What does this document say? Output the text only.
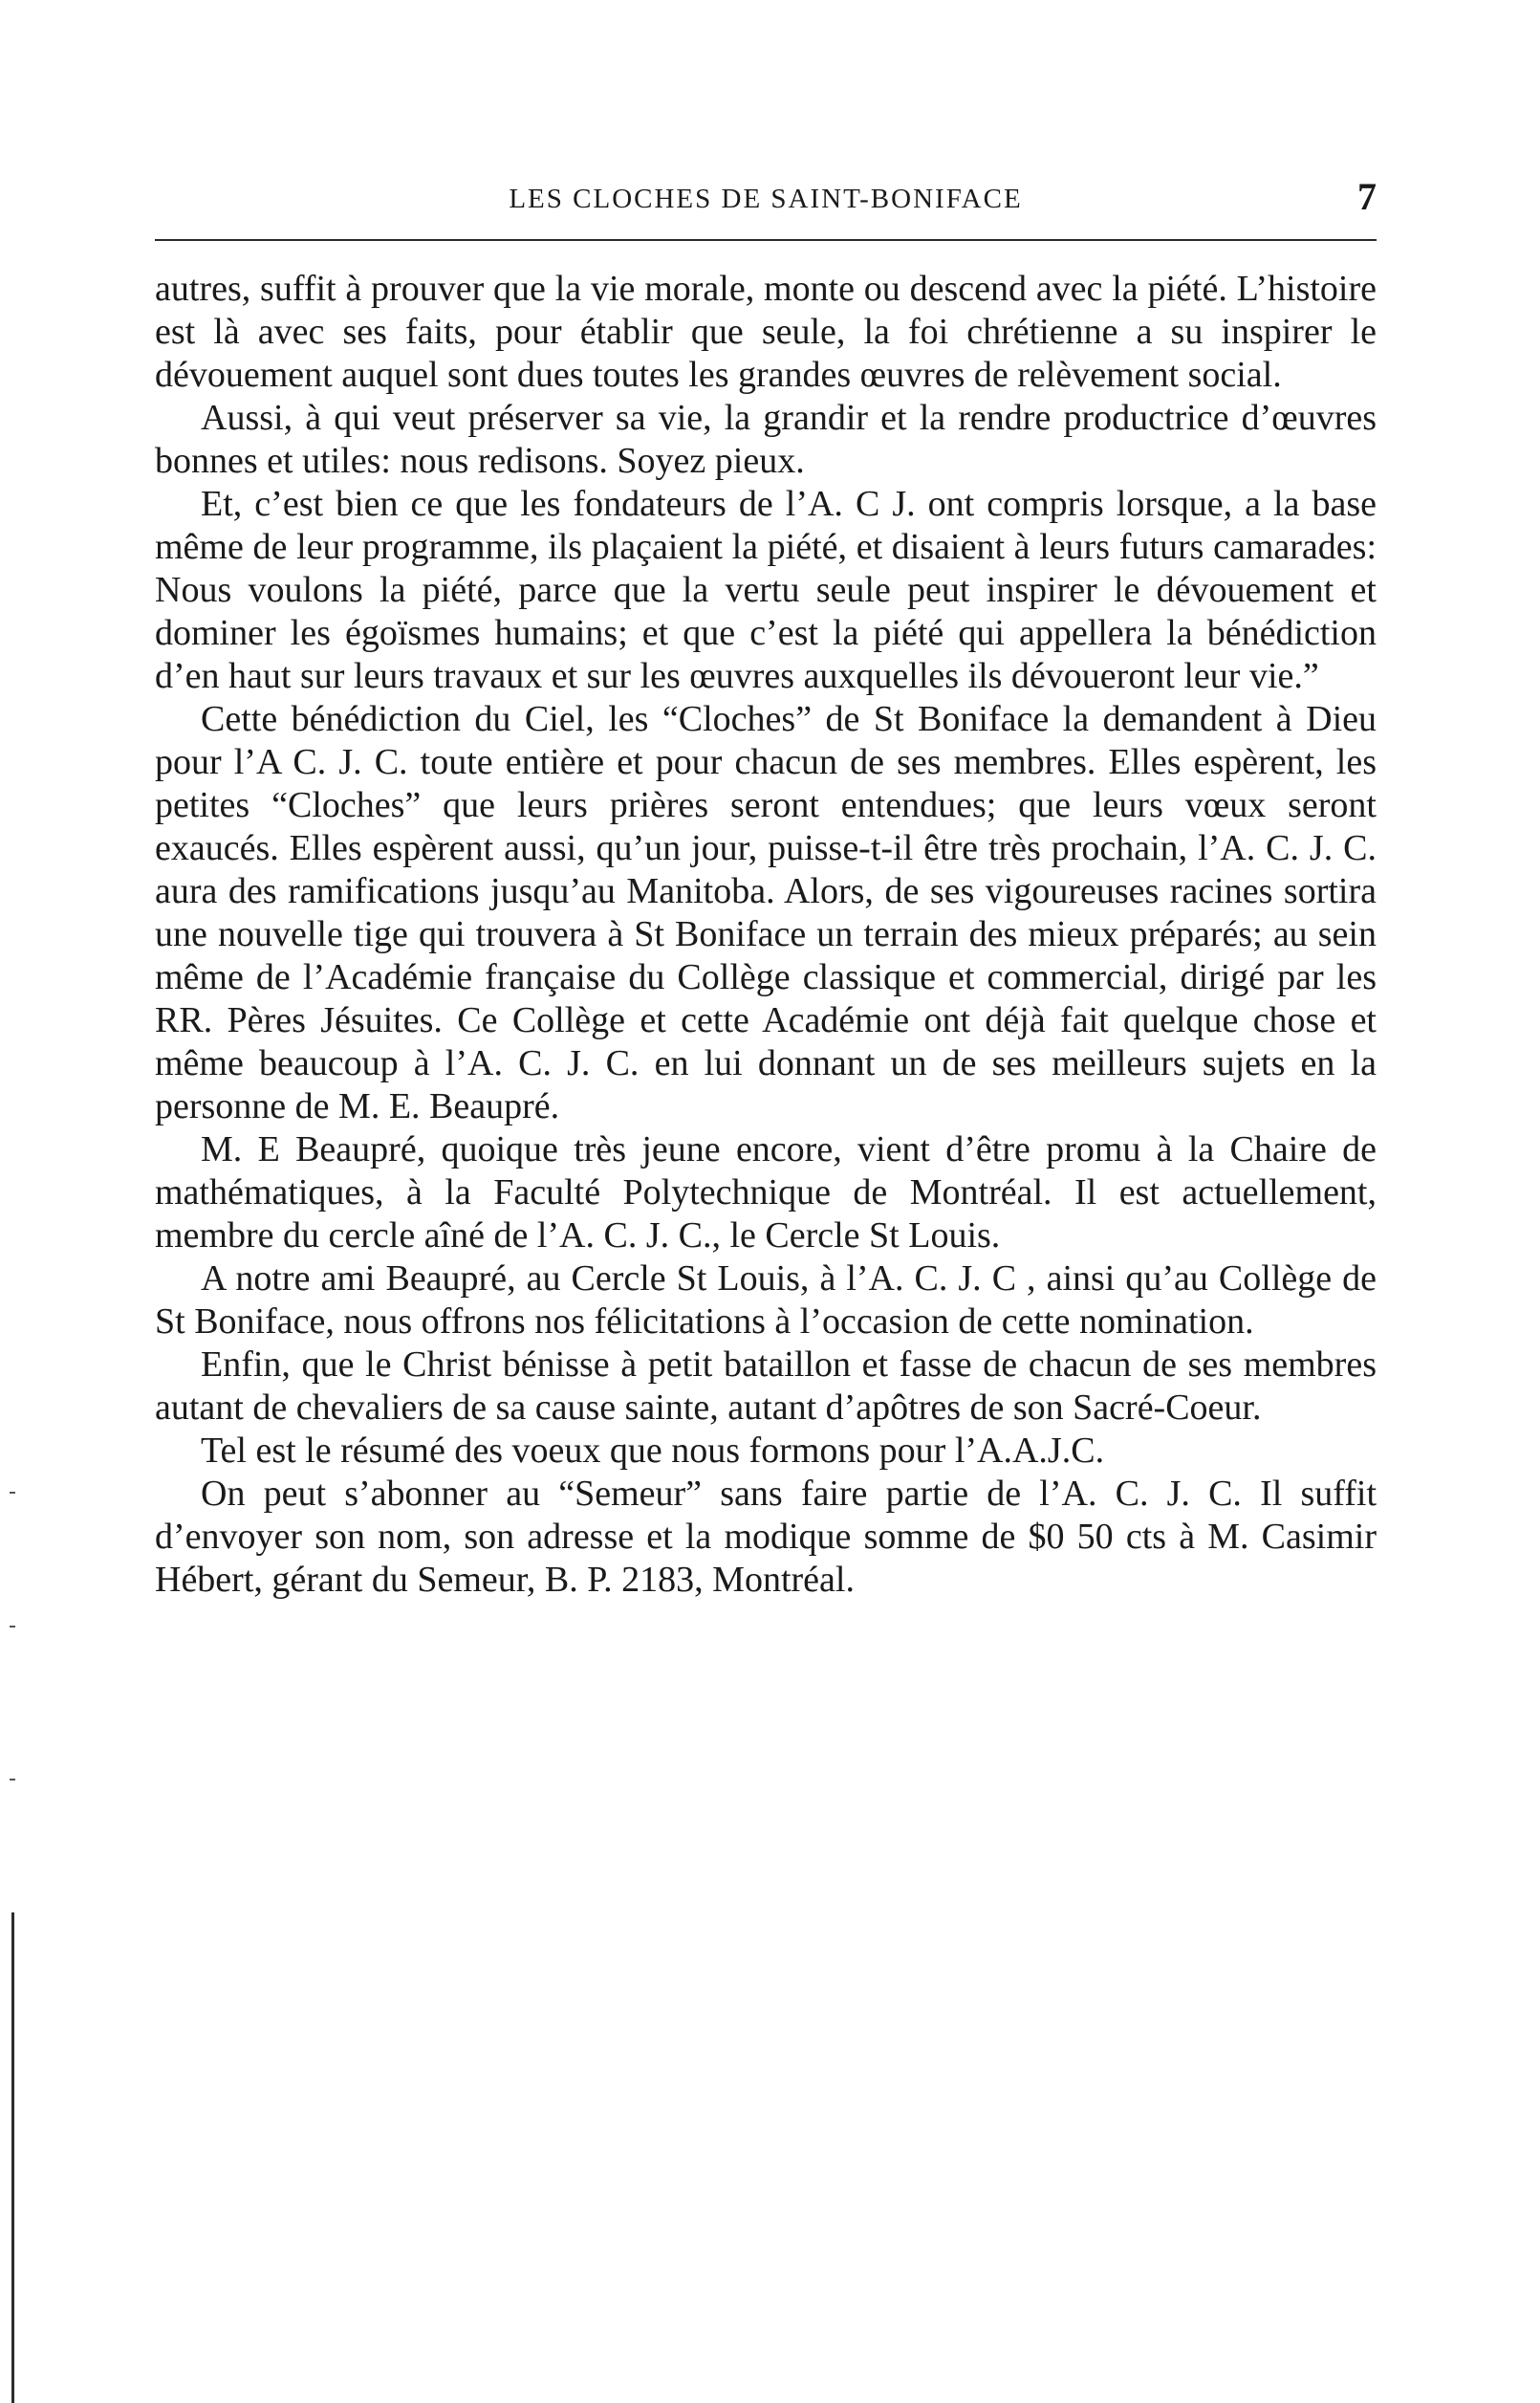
LES CLOCHES DE SAINT-BONIFACE	7

autres, suffit à prouver que la vie morale, monte ou descend avec la piété. L’histoire est là avec ses faits, pour établir que seule, la foi chrétienne a su inspirer le dévouement auquel sont dues toutes les grandes œuvres de relèvement social.

Aussi, à qui veut préserver sa vie, la grandir et la rendre productrice d’œuvres bonnes et utiles: nous redisons. Soyez pieux.

Et, c’est bien ce que les fondateurs de l’A. C J. ont compris lorsque, a la base même de leur programme, ils plaçaient la piété, et disaient à leurs futurs camarades: Nous voulons la piété, parce que la vertu seule peut inspirer le dévouement et dominer les égoïsmes humains; et que c’est la piété qui appellera la bénédiction d’en haut sur leurs travaux et sur les œuvres auxquelles ils dévoueront leur vie.”

Cette bénédiction du Ciel, les “Cloches” de St Boniface la demandent à Dieu pour l’A C. J. C. toute entière et pour chacun de ses membres. Elles espèrent, les petites “Cloches” que leurs prières seront entendues; que leurs vœux seront exaucés. Elles espèrent aussi, qu’un jour, puisse-t-il être très prochain, l’A. C. J. C. aura des ramifications jusqu’au Manitoba. Alors, de ses vigoureuses racines sortira une nouvelle tige qui trouvera à St Boniface un terrain des mieux préparés; au sein même de l’Académie française du Collège classique et commercial, dirigé par les RR. Pères Jésuites. Ce Collège et cette Académie ont déjà fait quelque chose et même beaucoup à l’A. C. J. C. en lui donnant un de ses meilleurs sujets en la personne de M. E. Beaupré.

M. E Beaupré, quoique très jeune encore, vient d’être promu à la Chaire de mathématiques, à la Faculté Polytechnique de Montréal. Il est actuellement, membre du cercle aîné de l’A. C. J. C., le Cercle St Louis.

A notre ami Beaupré, au Cercle St Louis, à l’A. C. J. C , ainsi qu’au Collège de St Boniface, nous offrons nos félicitations à l’occasion de cette nomination.

Enfin, que le Christ bénisse à petit bataillon et fasse de chacun de ses membres autant de chevaliers de sa cause sainte, autant d’apôtres de son Sacré-Coeur.

Tel est le résumé des voeux que nous formons pour l’A.A.J.C.

On peut s’abonner au “Semeur” sans faire partie de l’A. C. J. C. Il suffit d’envoyer son nom, son adresse et la modique somme de $0 50 cts à M. Casimir Hébert, gérant du Semeur, B. P. 2183, Montréal.
